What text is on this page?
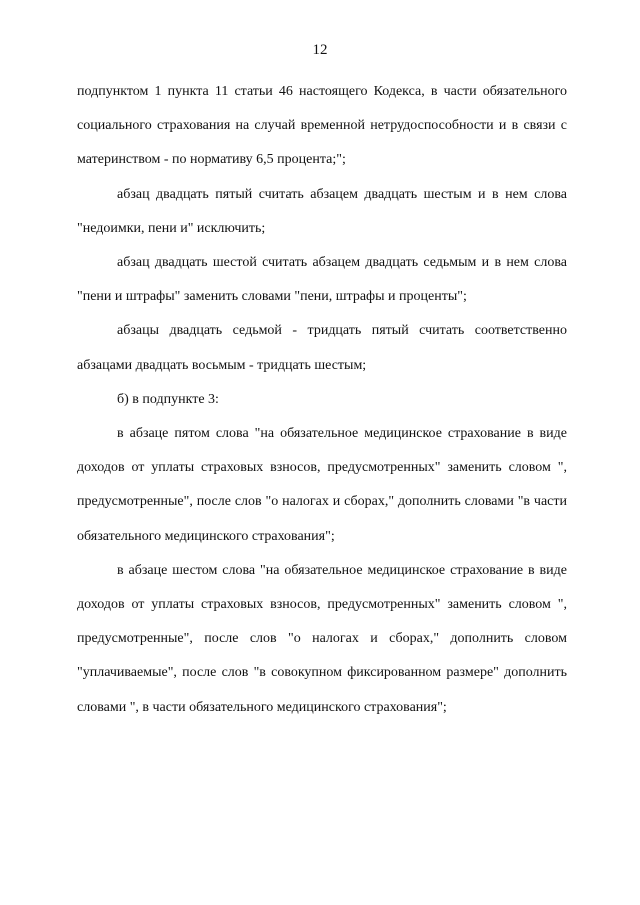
12

подпунктом 1 пункта 11 статьи 46 настоящего Кодекса, в части обязательного социального страхования на случай временной нетрудоспособности и в связи с материнством - по нормативу 6,5 процента;";

абзац двадцать пятый считать абзацем двадцать шестым и в нем слова "недоимки, пени и" исключить;

абзац двадцать шестой считать абзацем двадцать седьмым и в нем слова "пени и штрафы" заменить словами "пени, штрафы и проценты";

абзацы двадцать седьмой - тридцать пятый считать соответственно абзацами двадцать восьмым - тридцать шестым;

б) в подпункте 3:

в абзаце пятом слова "на обязательное медицинское страхование в виде доходов от уплаты страховых взносов, предусмотренных" заменить словом ", предусмотренные", после слов "о налогах и сборах," дополнить словами "в части обязательного медицинского страхования";

в абзаце шестом слова "на обязательное медицинское страхование в виде доходов от уплаты страховых взносов, предусмотренных" заменить словом ", предусмотренные", после слов "о налогах и сборах," дополнить словом "уплачиваемые", после слов "в совокупном фиксированном размере" дополнить словами ", в части обязательного медицинского страхования";
